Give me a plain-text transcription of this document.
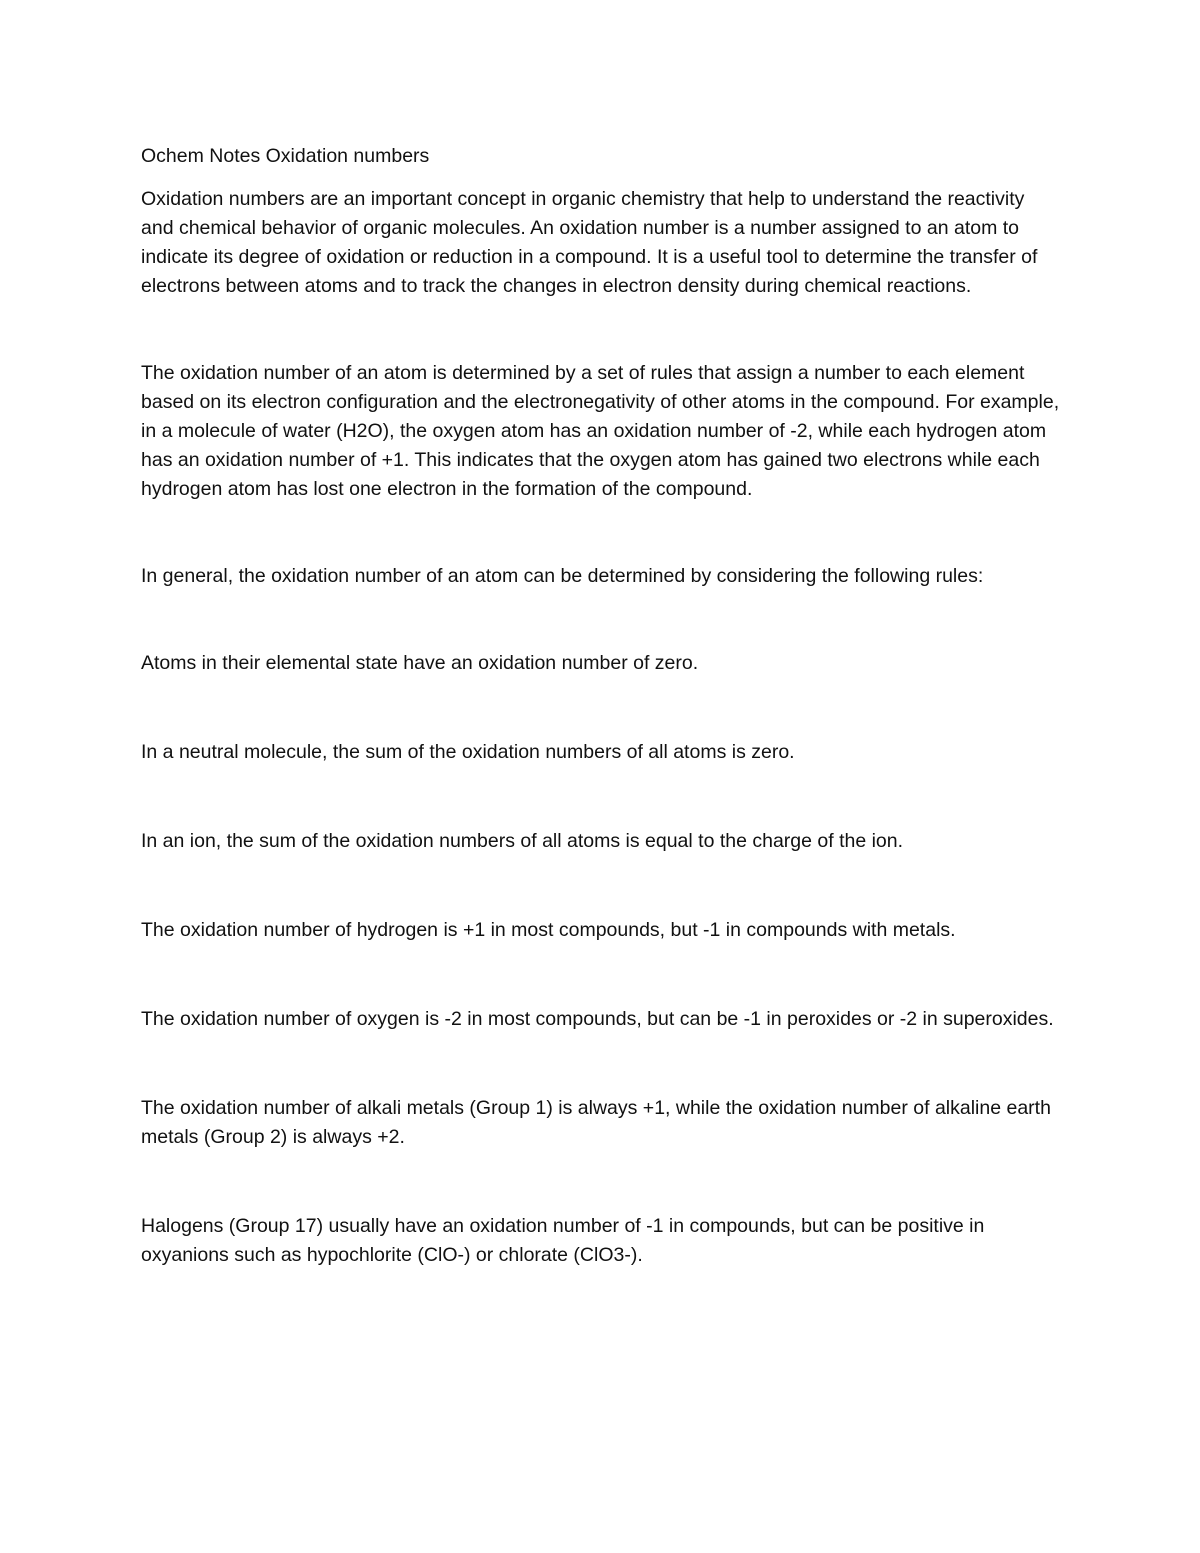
Ochem Notes Oxidation numbers

Oxidation numbers are an important concept in organic chemistry that help to understand the reactivity and chemical behavior of organic molecules. An oxidation number is a number assigned to an atom to indicate its degree of oxidation or reduction in a compound. It is a useful tool to determine the transfer of electrons between atoms and to track the changes in electron density during chemical reactions.

The oxidation number of an atom is determined by a set of rules that assign a number to each element based on its electron configuration and the electronegativity of other atoms in the compound. For example, in a molecule of water (H2O), the oxygen atom has an oxidation number of -2, while each hydrogen atom has an oxidation number of +1. This indicates that the oxygen atom has gained two electrons while each hydrogen atom has lost one electron in the formation of the compound.

In general, the oxidation number of an atom can be determined by considering the following rules:

Atoms in their elemental state have an oxidation number of zero.

In a neutral molecule, the sum of the oxidation numbers of all atoms is zero.

In an ion, the sum of the oxidation numbers of all atoms is equal to the charge of the ion.

The oxidation number of hydrogen is +1 in most compounds, but -1 in compounds with metals.

The oxidation number of oxygen is -2 in most compounds, but can be -1 in peroxides or -2 in superoxides.

The oxidation number of alkali metals (Group 1) is always +1, while the oxidation number of alkaline earth metals (Group 2) is always +2.

Halogens (Group 17) usually have an oxidation number of -1 in compounds, but can be positive in oxyanions such as hypochlorite (ClO-) or chlorate (ClO3-).
